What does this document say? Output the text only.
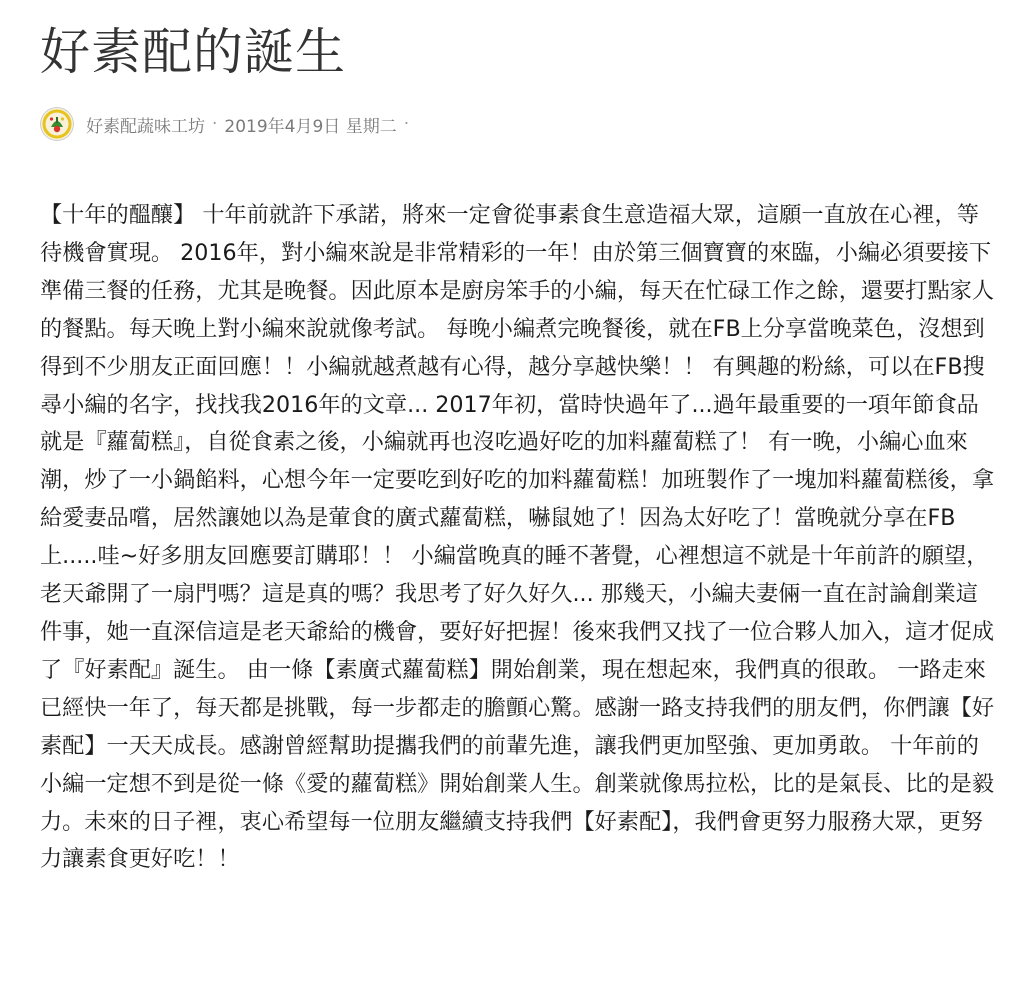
好素配的誕生
好素配蔬味工坊 · 2019年4月9日 星期二 ·

【十年的醞釀】 十年前就許下承諾，將來一定會從事素食生意造福大眾，這願一直放在心裡，等待機會實現。 2016年，對小編來說是非常精彩的一年！由於第三個寶寶的來臨，小編必須要接下準備三餐的任務，尤其是晚餐。因此原本是廚房笨手的小編，每天在忙碌工作之餘，還要打點家人的餐點。每天晚上對小編來說就像考試。 每晚小編煮完晚餐後，就在FB上分享當晚菜色，沒想到得到不少朋友正面回應！！小編就越煮越有心得，越分享越快樂！！ 有興趣的粉絲，可以在FB搜尋小編的名字，找找我2016年的文章... 2017年初，當時快過年了...過年最重要的一項年節食品就是『蘿蔔糕』，自從食素之後，小編就再也沒吃過好吃的加料蘿蔔糕了！ 有一晚，小編心血來潮，炒了一小鍋餡料，心想今年一定要吃到好吃的加料蘿蔔糕！加班製作了一塊加料蘿蔔糕後，拿給愛妻品嚐，居然讓她以為是葷食的廣式蘿蔔糕，嚇鼠她了！因為太好吃了！當晚就分享在FB上.....哇~好多朋友回應要訂購耶！！ 小編當晚真的睡不著覺，心裡想這不就是十年前許的願望，老天爺開了一扇門嗎？這是真的嗎？我思考了好久好久... 那幾天，小編夫妻倆一直在討論創業這件事，她一直深信這是老天爺給的機會，要好好把握！後來我們又找了一位合夥人加入，這才促成了『好素配』誕生。 由一條【素廣式蘿蔔糕】開始創業，現在想起來，我們真的很敢。 一路走來已經快一年了，每天都是挑戰，每一步都走的膽顫心驚。感謝一路支持我們的朋友們，你們讓【好素配】一天天成長。感謝曾經幫助提攜我們的前輩先進，讓我們更加堅強、更加勇敢。 十年前的小編一定想不到是從一條《愛的蘿蔔糕》開始創業人生。創業就像馬拉松，比的是氣長、比的是毅力。未來的日子裡，衷心希望每一位朋友繼續支持我們【好素配】，我們會更努力服務大眾，更努力讓素食更好吃！！
